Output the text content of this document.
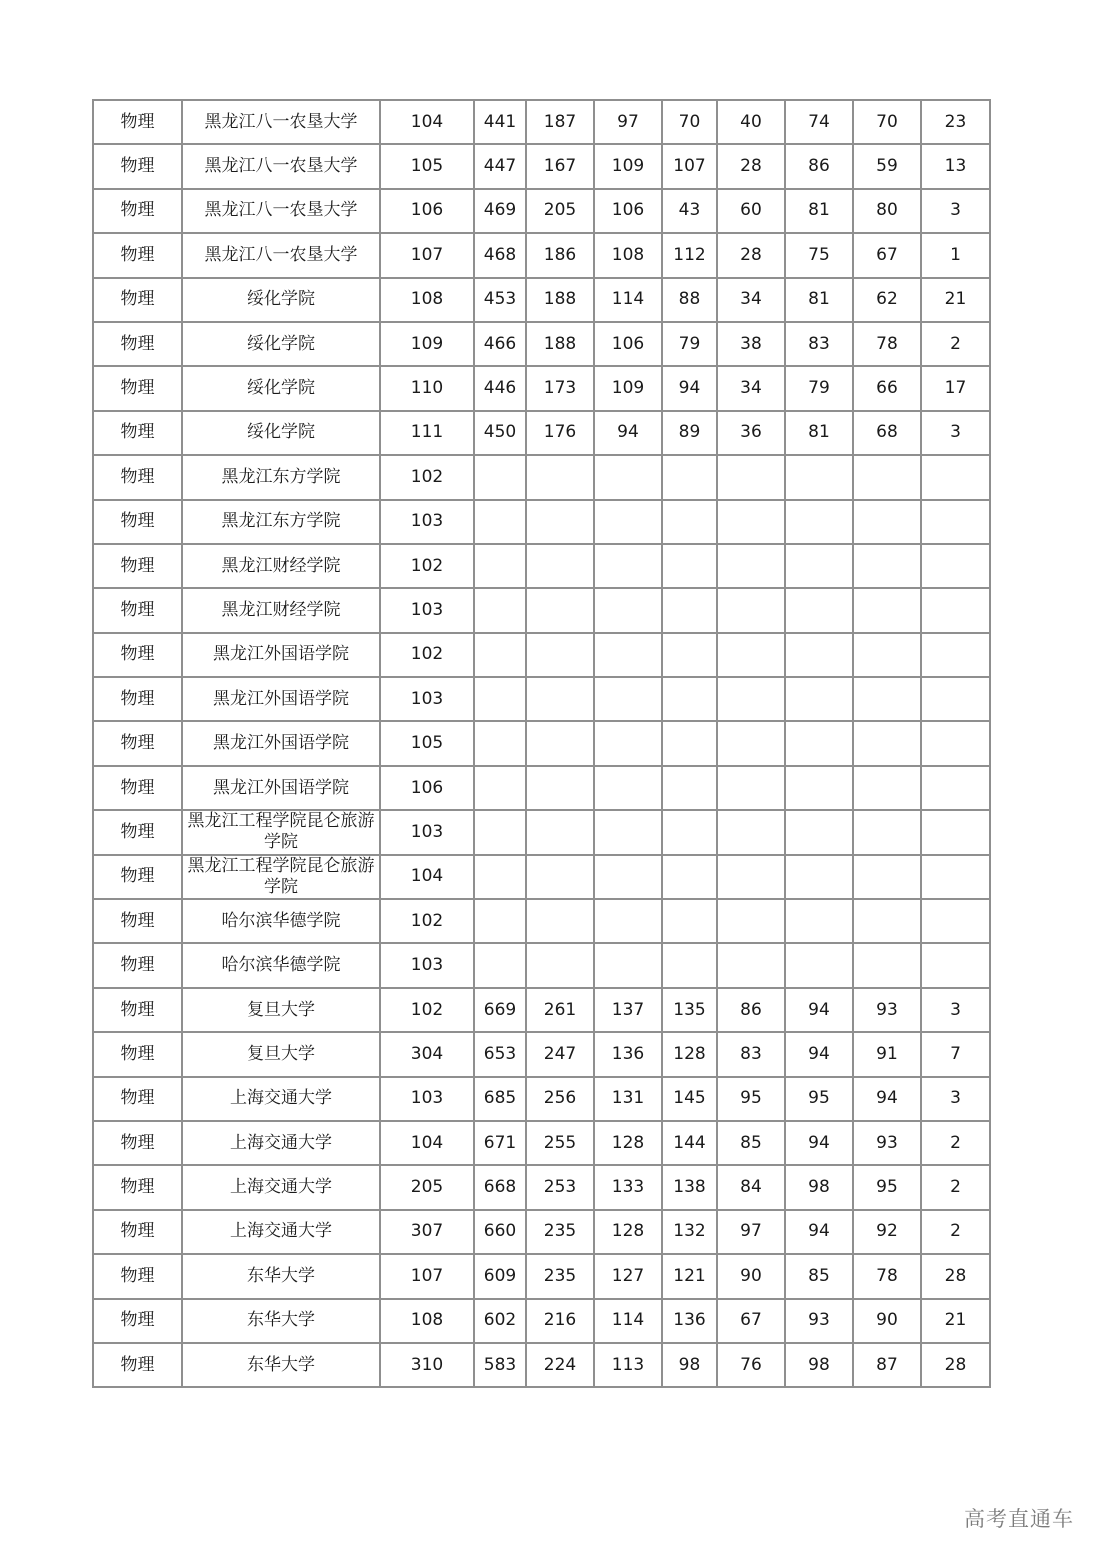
物理	黑龙江八一农垦大学	104	441	187	97	70	40	74	70	23
物理	黑龙江八一农垦大学	105	447	167	109	107	28	86	59	13
物理	黑龙江八一农垦大学	106	469	205	106	43	60	81	80	3
物理	黑龙江八一农垦大学	107	468	186	108	112	28	75	67	1
物理	绥化学院	108	453	188	114	88	34	81	62	21
物理	绥化学院	109	466	188	106	79	38	83	78	2
物理	绥化学院	110	446	173	109	94	34	79	66	17
物理	绥化学院	111	450	176	94	89	36	81	68	3
物理	黑龙江东方学院	102								
物理	黑龙江东方学院	103								
物理	黑龙江财经学院	102								
物理	黑龙江财经学院	103								
物理	黑龙江外国语学院	102								
物理	黑龙江外国语学院	103								
物理	黑龙江外国语学院	105								
物理	黑龙江外国语学院	106								
物理	黑龙江工程学院昆仑旅游学院	103								
物理	黑龙江工程学院昆仑旅游学院	104								
物理	哈尔滨华德学院	102								
物理	哈尔滨华德学院	103								
物理	复旦大学	102	669	261	137	135	86	94	93	3
物理	复旦大学	304	653	247	136	128	83	94	91	7
物理	上海交通大学	103	685	256	131	145	95	95	94	3
物理	上海交通大学	104	671	255	128	144	85	94	93	2
物理	上海交通大学	205	668	253	133	138	84	98	95	2
物理	上海交通大学	307	660	235	128	132	97	94	92	2
物理	东华大学	107	609	235	127	121	90	85	78	28
物理	东华大学	108	602	216	114	136	67	93	90	21
物理	东华大学	310	583	224	113	98	76	98	87	28
高考直通车
